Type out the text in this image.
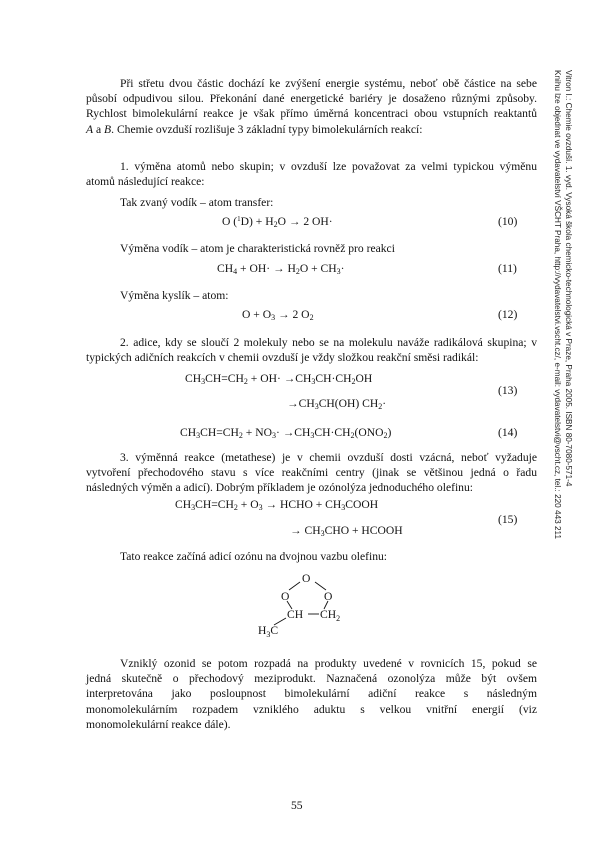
Vitron I.: Chemie ovzduší. 1. vyd. Vysoká škola chemicko-technologická v Praze, Praha 2005. ISBN 80-7080-571-4
Knihu lze objednat ve vydavatelství VŠCHT Praha, http://vydavatelstvi.vscht.cz/, e-mail: vydavatelstvi@vscht.cz, tel.: 220 443 211
Při střetu dvou částic dochází ke zvýšení energie systému, neboť obě částice na sebe
působí odpudivou silou. Překonání dané energetické bariéry je dosaženo různými způsoby.
Rychlost bimolekulární reakce je však přímo úměrná koncentraci obou vstupních reaktantů
A a B. Chemie ovzduší rozlišuje 3 základní typy bimolekulárních reakcí:
1. výměna atomů nebo skupin; v ovzduší lze považovat za velmi typickou výměnu
atomů následující reakce:
Tak zvaný vodík – atom transfer:
O $(^1D) + H_2O \to 2$ OH·	(10)
Výměna vodík – atom je charakteristická rovněž pro reakci
$CH_4 + OH\cdot \to H_2O + CH_3\cdot$	(11)
Výměna kyslík – atom:
$O + O_3 \to 2$ $O_2$	(12)
2. adice, kdy se sloučí 2 molekuly nebo se na molekulu naváže radikálová skupina; v
typických adičních reakcích v chemii ovzduší je vždy složkou reakční směsi radikál:
$CH_3CH=CH_2 + OH\cdot \to CH_3CH\cdot CH_2OH$
(13)
$\to CH_3CH(OH)$ $CH_2\cdot$
$CH_3CH=CH_2 + NO_3\cdot \to CH_3CH\cdot CH_2(ONO_2)$	(14)
3. výměnná reakce (metathese) je v chemii ovzduší dosti vzácná, neboť vyžaduje
vytvoření přechodového stavu s více reakčními centry (jinak se většinou jedná o řadu
následných výměn a adicí). Dobrým příkladem je ozónolýza jednoduchého olefinu:
$CH_3CH=CH_2 + O_3$ → HCHO + $CH_3COOH$
(15)
→ $CH_3CHO$ + HCOOH
Tato reakce začíná adicí ozónu na dvojnou vazbu olefinu:
O
O	O
CH $CH_2$
$H_3C$
Vzniklý ozonid se potom rozpadá na produkty uvedené v rovnicích 15, pokud se
jedná skutečně o přechodový meziprodukt. Naznačená ozonolýza může být ovšem
interpretována jako posloupnost bimolekulární adiční reakce s následným
monomolekulárním rozpadem vzniklého aduktu s velkou vnitřní energií (viz
monomolekulární reakce dále).
55
